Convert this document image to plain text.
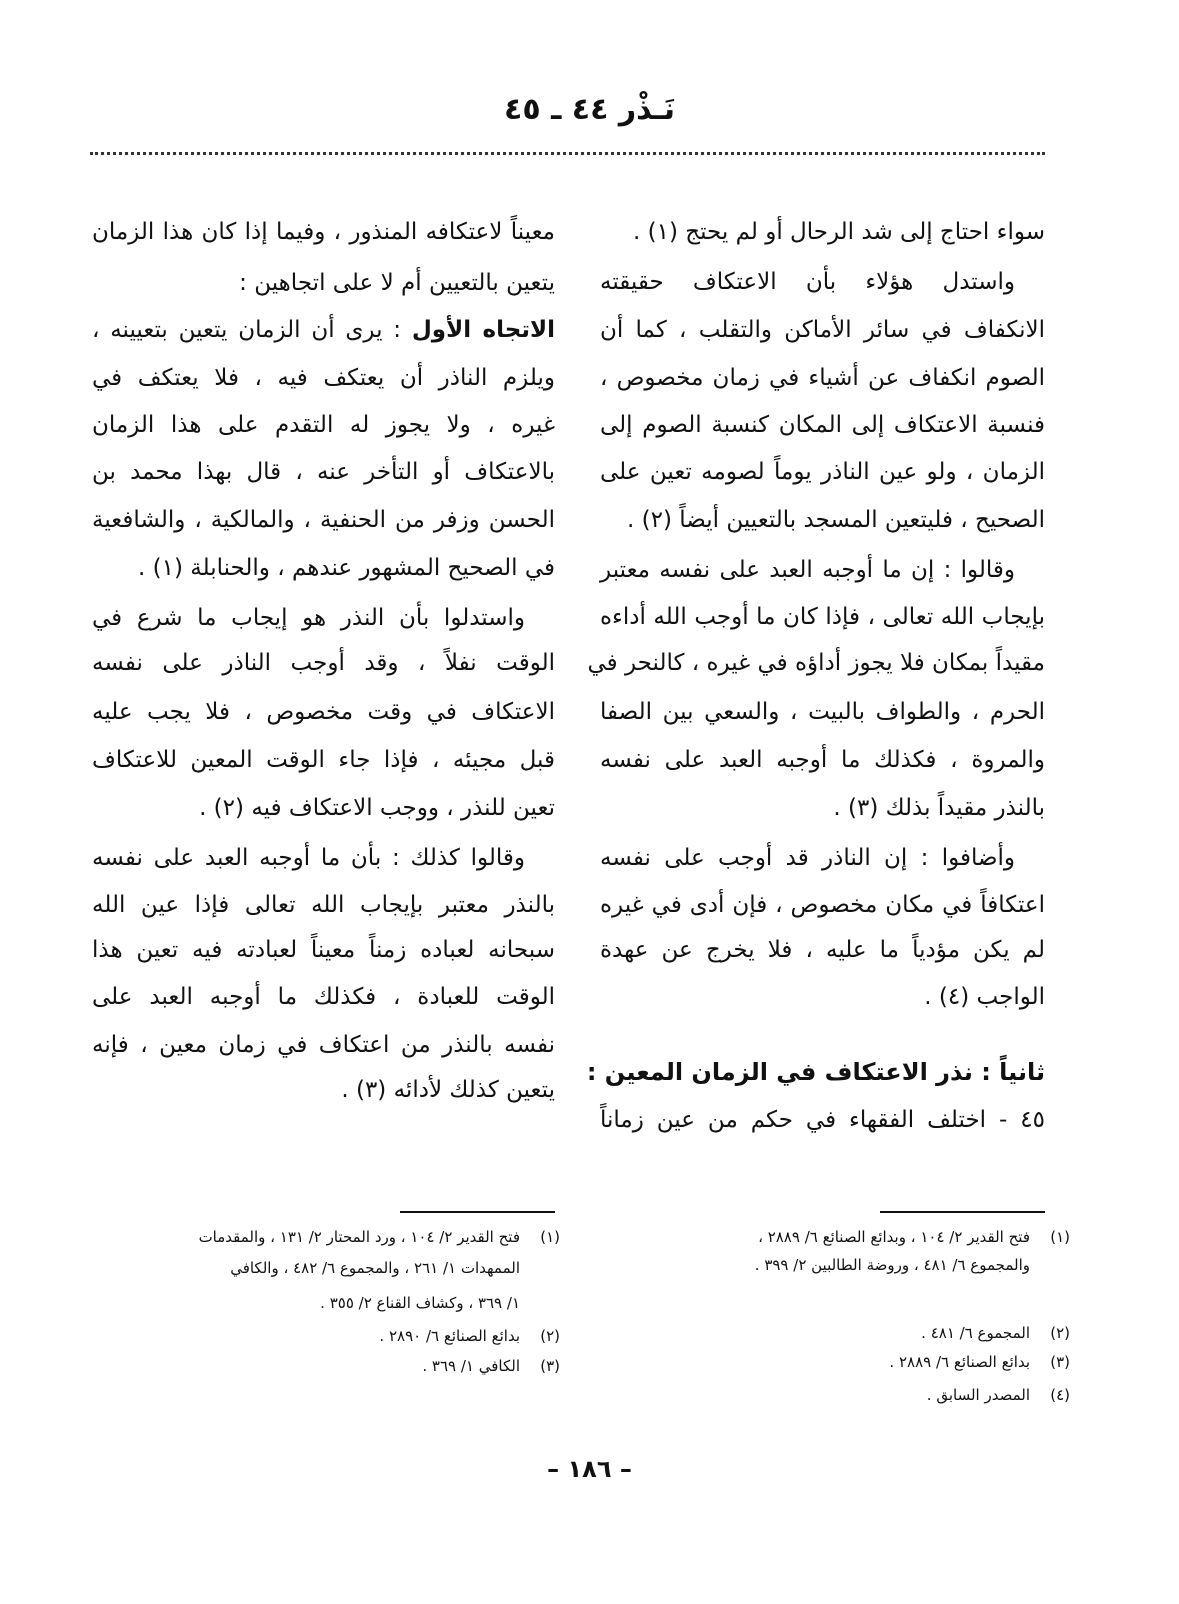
نَـذْر ٤٤ ـ ٤٥
سواء احتاج إلى شد الرحال أو لم يحتج (١) .
واستدل هؤلاء بأن الاعتكاف حقيقته
الانكفاف في سائر الأماكن والتقلب ، كما أن
الصوم انكفاف عن أشياء في زمان مخصوص ،
فنسبة الاعتكاف إلى المكان كنسبة الصوم إلى
الزمان ، ولو عين الناذر يوماً لصومه تعين على
الصحيح ، فليتعين المسجد بالتعيين أيضاً (٢) .
وقالوا : إن ما أوجبه العبد على نفسه معتبر
بإيجاب الله تعالى ، فإذا كان ما أوجب الله أداءه
مقيداً بمكان فلا يجوز أداؤه في غيره ، كالنحر في
الحرم ، والطواف بالبيت ، والسعي بين الصفا
والمروة ، فكذلك ما أوجبه العبد على نفسه
بالنذر مقيداً بذلك (٣) .
وأضافوا : إن الناذر قد أوجب على نفسه
اعتكافاً في مكان مخصوص ، فإن أدى في غيره
لم يكن مؤدياً ما عليه ، فلا يخرج عن عهدة
الواجب (٤) .
ثانياً : نذر الاعتكاف في الزمان المعين :
٤٥ - اختلف الفقهاء في حكم من عين زماناً
معيناً لاعتكافه المنذور ، وفيما إذا كان هذا الزمان
يتعين بالتعيين أم لا على اتجاهين :
الاتجاه الأول : يرى أن الزمان يتعين بتعيينه ،
ويلزم الناذر أن يعتكف فيه ، فلا يعتكف في
غيره ، ولا يجوز له التقدم على هذا الزمان
بالاعتكاف أو التأخر عنه ، قال بهذا محمد بن
الحسن وزفر من الحنفية ، والمالكية ، والشافعية
في الصحيح المشهور عندهم ، والحنابلة (١) .
واستدلوا بأن النذر هو إيجاب ما شرع في
الوقت نفلاً ، وقد أوجب الناذر على نفسه
الاعتكاف في وقت مخصوص ، فلا يجب عليه
قبل مجيئه ، فإذا جاء الوقت المعين للاعتكاف
تعين للنذر ، ووجب الاعتكاف فيه (٢) .
وقالوا كذلك : بأن ما أوجبه العبد على نفسه
بالنذر معتبر بإيجاب الله تعالى فإذا عين الله
سبحانه لعباده زمناً معيناً لعبادته فيه تعين هذا
الوقت للعبادة ، فكذلك ما أوجبه العبد على
نفسه بالنذر من اعتكاف في زمان معين ، فإنه
يتعين كذلك لأدائه (٣) .
(١)فتح القدير ٢/ ١٠٤ ، وبدائع الصنائع ٦/ ٢٨٨٩ ،
والمجموع ٦/ ٤٨١ ، وروضة الطالبين ٢/ ٣٩٩ .
(٢)المجموع ٦/ ٤٨١ .
(٣)بدائع الصنائع ٦/ ٢٨٨٩ .
(٤)المصدر السابق .
(١)فتح القدير ٢/ ١٠٤ ، ورد المحتار ٢/ ١٣١ ، والمقدمات
الممهدات ١/ ٢٦١ ، والمجموع ٦/ ٤٨٢ ، والكافي
١/ ٣٦٩ ، وكشاف القناع ٢/ ٣٥٥ .
(٢)بدائع الصنائع ٦/ ٢٨٩٠ .
(٣)الكافي ١/ ٣٦٩ .
– ١٨٦ –
